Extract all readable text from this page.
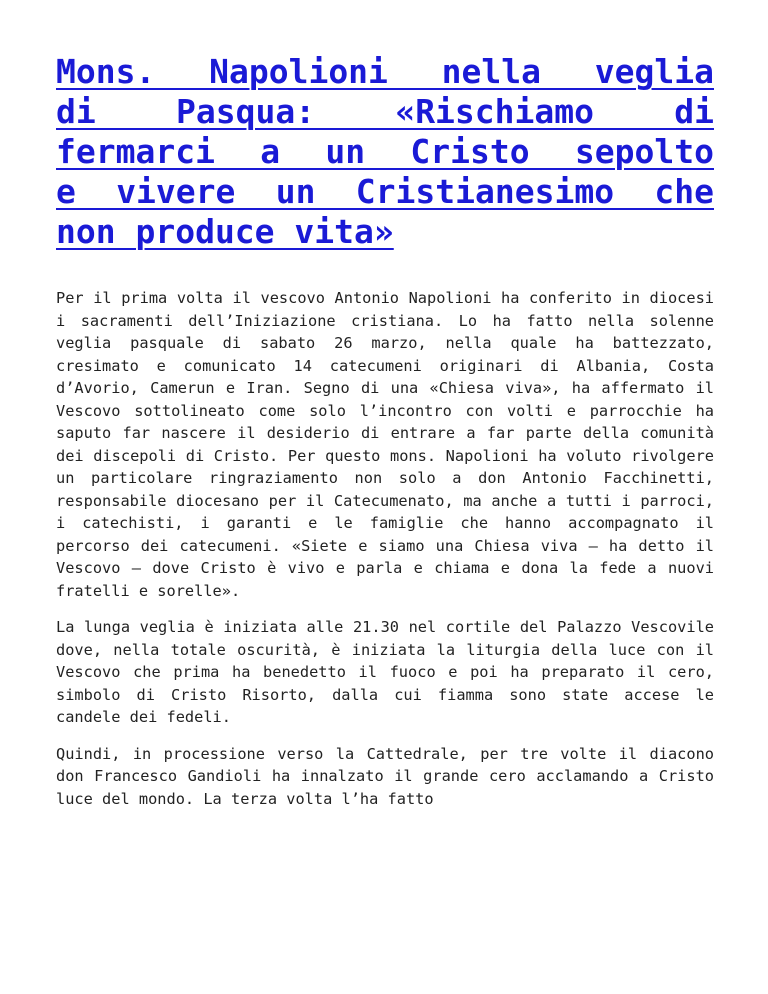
Mons. Napolioni nella veglia
di Pasqua: «Rischiamo di
fermarci a un Cristo sepolto
e vivere un Cristianesimo che
non produce vita»

Per il prima volta il vescovo Antonio Napolioni ha conferito in diocesi i sacramenti dell’Iniziazione cristiana. Lo ha fatto nella solenne veglia pasquale di sabato 26 marzo, nella quale ha battezzato, cresimato e comunicato 14 catecumeni originari di Albania, Costa d’Avorio, Camerun e Iran. Segno di una «Chiesa viva», ha affermato il Vescovo sottolineato come solo l’incontro con volti e parrocchie ha saputo far nascere il desiderio di entrare a far parte della comunità dei discepoli di Cristo. Per questo mons. Napolioni ha voluto rivolgere un particolare ringraziamento non solo a don Antonio Facchinetti, responsabile diocesano per il Catecumenato, ma anche a tutti i parroci, i catechisti, i garanti e le famiglie che hanno accompagnato il percorso dei catecumeni. «Siete e siamo una Chiesa viva – ha detto il Vescovo – dove Cristo è vivo e parla e chiama e dona la fede a nuovi fratelli e sorelle».

La lunga veglia è iniziata alle 21.30 nel cortile del Palazzo Vescovile dove, nella totale oscurità, è iniziata la liturgia della luce con il Vescovo che prima ha benedetto il fuoco e poi ha preparato il cero, simbolo di Cristo Risorto, dalla cui fiamma sono state accese le candele dei fedeli.

Quindi, in processione verso la Cattedrale, per tre volte il diacono don Francesco Gandioli ha innalzato il grande cero acclamando a Cristo luce del mondo. La terza volta l’ha fatto
